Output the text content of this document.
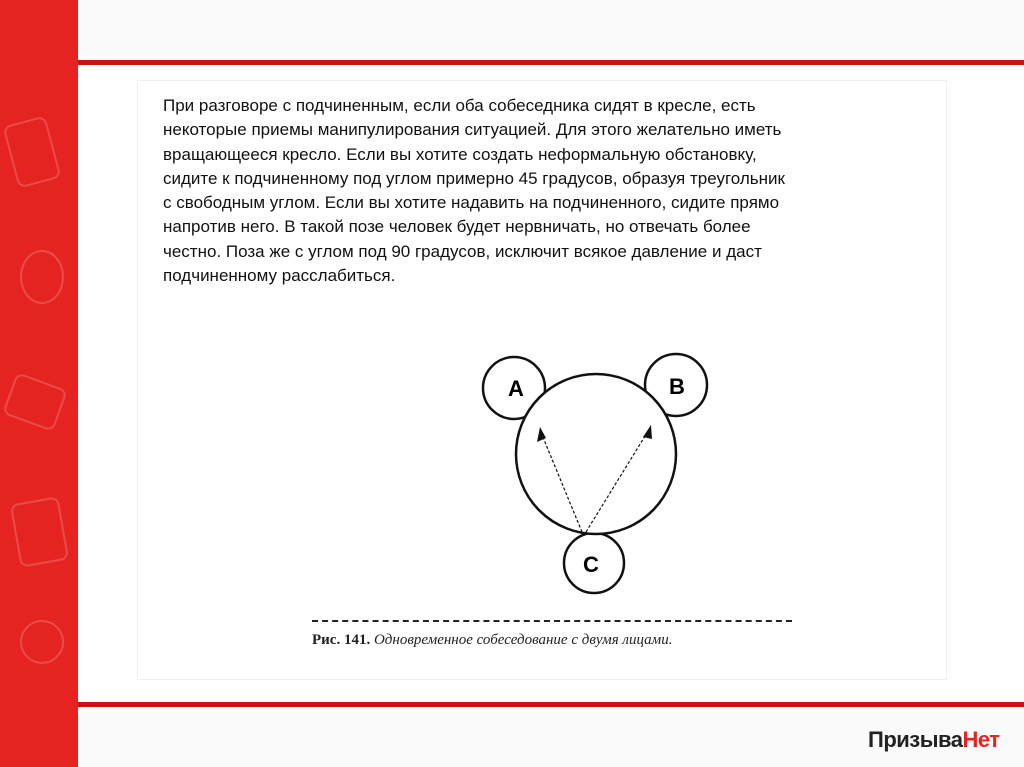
При разговоре с подчиненным, если оба собеседника сидят в кресле, есть
некоторые приемы манипулирования ситуацией. Для этого желательно иметь
вращающееся кресло. Если вы хотите создать неформальную обстановку,
сидите к подчиненному под углом примерно 45 градусов, образуя треугольник
с свободным углом. Если вы хотите надавить на подчиненного, сидите прямо
напротив него. В такой позе человек будет нервничать, но отвечать более
честно. Поза же с углом под 90 градусов, исключит всякое давление и даст
подчиненному расслабиться.
A	B
C
Рис. 141. Одновременное собеседование с двумя лицами.
ПризываНет
